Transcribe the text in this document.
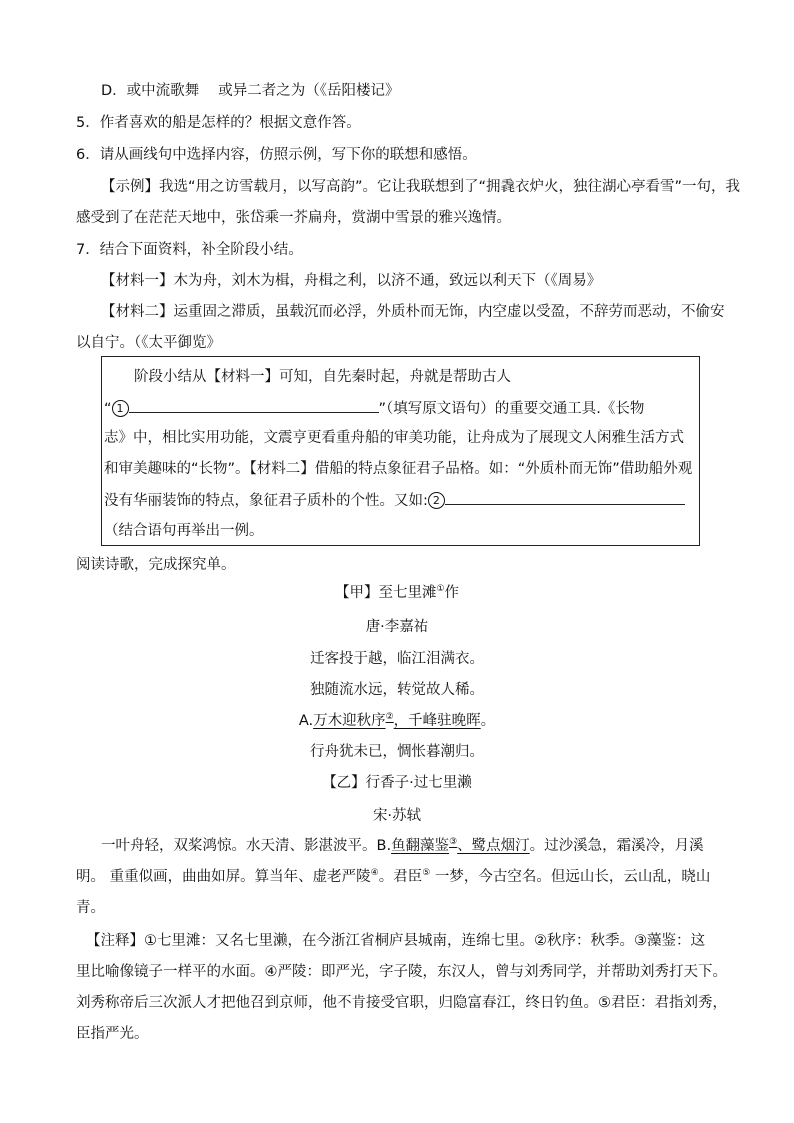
D．或中流歌舞　 或异二者之为（《岳阳楼记》
5．作者喜欢的船是怎样的？根据文意作答。
6．请从画线句中选择内容，仿照示例，写下你的联想和感悟。
【示例】我选“用之访雪载月，以写高韵”。它让我联想到了“拥毳衣炉火，独往湖心亭看雪”一句，我
感受到了在茫茫天地中，张岱乘一芥扁舟，赏湖中雪景的雅兴逸情。
7．结合下面资料，补全阶段小结。
【材料一】木为舟，刘木为楫，舟楫之利，以济不通，致远以利天下（《周易》
【材料二】运重固之滞质，虽载沉而必浮，外质朴而无饰，内空虚以受盈，不辞劳而恶动，不偷安
以自宁。（《太平御览》
阶段小结从【材料一】可知，自先秦时起，舟就是帮助古人
“ 1	”（填写原文语句）的重要交通工具.《长物
志》中，相比实用功能，文震亨更看重舟船的审美功能，让舟成为了展现文人闲雅生活方式
和审美趣味的“长物”。【材料二】借船的特点象征君子品格。如：“外质朴而无饰”借助船外观
没有华丽装饰的特点，象征君子质朴的个性。又如: 2
（结合语句再举出一例。
阅读诗歌，完成探究单。
【甲】至七里滩①作
唐·李嘉祐
迁客投于越，临江泪满衣。
独随流水远，转觉故人稀。
A.万木迎秋序②，千峰驻晚晖。
行舟犹未已，惆怅暮潮归。
【乙】行香子·过七里濑
宋·苏轼
一叶舟轻，双桨鸿惊。水天清、影湛波平。B.鱼翻藻鉴③、鹭点烟汀。过沙溪急，霜溪冷，月溪
明。 重重似画，曲曲如屏。算当年、虚老严陵④。君臣⑤ 一梦，今古空名。但远山长，云山乱，晓山
青。
【注释】①七里滩：又名七里濑，在今浙江省桐庐县城南，连绵七里。②秋序：秋季。③藻鉴：这
里比喻像镜子一样平的水面。④严陵：即严光，字子陵，东汉人，曾与刘秀同学，并帮助刘秀打天下。
刘秀称帝后三次派人才把他召到京师，他不肯接受官职，归隐富春江，终日钓鱼。⑤君臣：君指刘秀，
臣指严光。
